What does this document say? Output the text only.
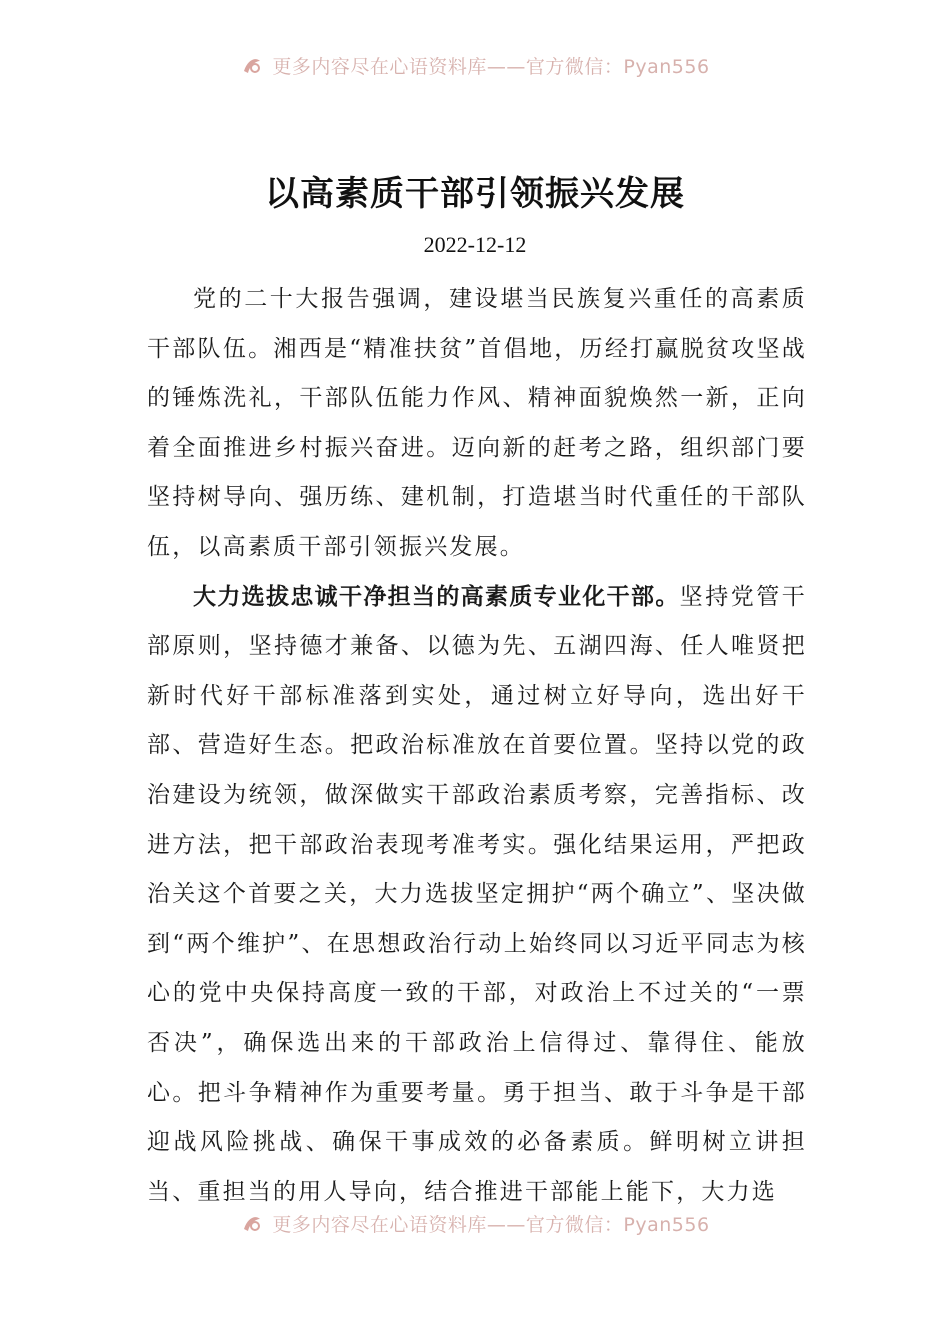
更多内容尽在心语资料库——官方微信：Pyan556
以高素质干部引领振兴发展
2022-12-12

党的二十大报告强调，建设堪当民族复兴重任的高素质干部队伍。湘西是“精准扶贫”首倡地，历经打赢脱贫攻坚战的锤炼洗礼，干部队伍能力作风、精神面貌焕然一新，正向着全面推进乡村振兴奋进。迈向新的赶考之路，组织部门要坚持树导向、强历练、建机制，打造堪当时代重任的干部队伍，以高素质干部引领振兴发展。

大力选拔忠诚干净担当的高素质专业化干部。坚持党管干部原则，坚持德才兼备、以德为先、五湖四海、任人唯贤把新时代好干部标准落到实处，通过树立好导向，选出好干部、营造好生态。把政治标准放在首要位置。坚持以党的政治建设为统领，做深做实干部政治素质考察，完善指标、改进方法，把干部政治表现考准考实。强化结果运用，严把政治关这个首要之关，大力选拔坚定拥护“两个确立”、坚决做到“两个维护”、在思想政治行动上始终同以习近平同志为核心的党中央保持高度一致的干部，对政治上不过关的“一票否决”，确保选出来的干部政治上信得过、靠得住、能放心。把斗争精神作为重要考量。勇于担当、敢于斗争是干部迎战风险挑战、确保干事成效的必备素质。鲜明树立讲担当、重担当的用人导向，结合推进干部能上能下，大力选

更多内容尽在心语资料库——官方微信：Pyan556
